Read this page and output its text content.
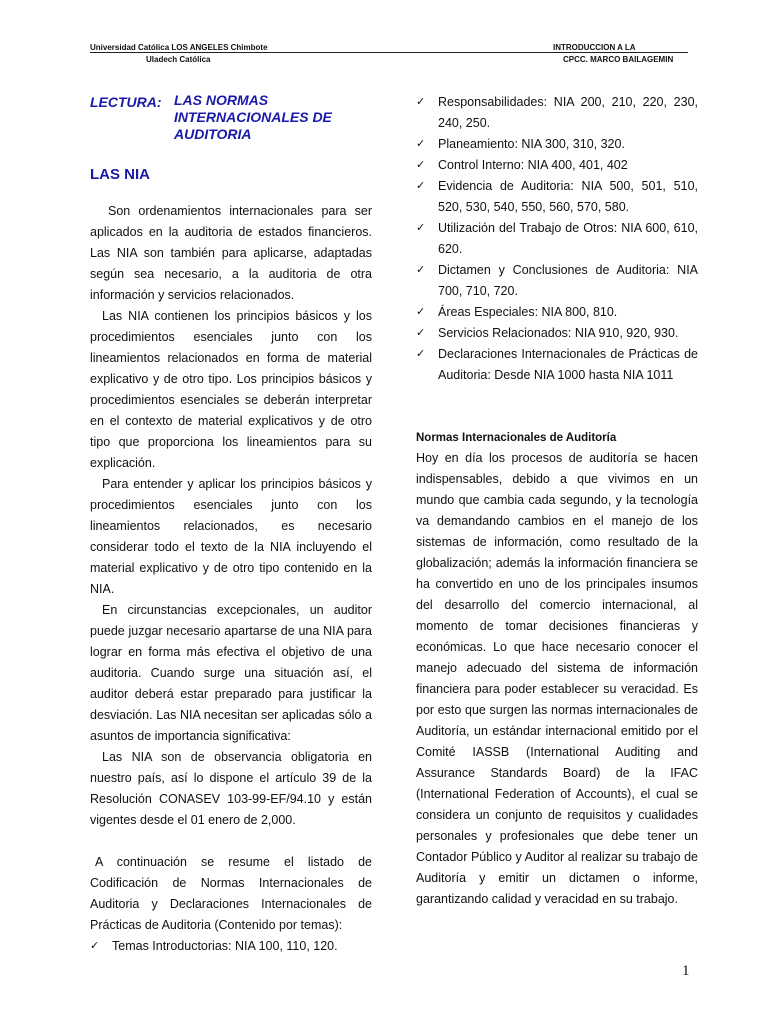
Universidad Católica LOS ANGELES Chimbote	INTRODUCCION A LA
Uladech Católica	CPCC. MARCO BAILAGEMIN
LECTURA: LAS NORMAS INTERNACIONALES DE AUDITORIA
LAS NIA

Son ordenamientos internacionales para ser aplicados en la auditoria de estados financieros. Las NIA son también para aplicarse, adaptadas según sea necesario, a la auditoria de otra información y servicios relacionados.

Las NIA contienen los principios básicos y los procedimientos esenciales junto con los lineamientos relacionados en forma de material explicativo y de otro tipo. Los principios básicos y procedimientos esenciales se deberán interpretar en el contexto de material explicativos y de otro tipo que proporciona los lineamientos para su explicación.

Para entender y aplicar los principios básicos y procedimientos esenciales junto con los lineamientos relacionados, es necesario considerar todo el texto de la NIA incluyendo el material explicativo y de otro tipo contenido en la NIA.

En circunstancias excepcionales, un auditor puede juzgar necesario apartarse de una NIA para lograr en forma más efectiva el objetivo de una auditoria. Cuando surge una situación así, el auditor deberá estar preparado para justificar la desviación. Las NIA necesitan ser aplicadas sólo a asuntos de importancia significativa:

Las NIA son de observancia obligatoria en nuestro país, así lo dispone el artículo 39 de la Resolución CONASEV 103-99-EF/94.10 y están vigentes desde el 01 enero de 2,000.

A continuación se resume el listado de Codificación de Normas Internacionales de Auditoria y Declaraciones Internacionales de Prácticas de Auditoria (Contenido por temas):

✓ Temas Introductorias: NIA 100, 110, 120.
✓ Responsabilidades: NIA 200, 210, 220, 230, 240, 250.
✓ Planeamiento: NIA 300, 310, 320.
✓ Control Interno: NIA 400, 401, 402
✓ Evidencia de Auditoria: NIA 500, 501, 510, 520, 530, 540, 550, 560, 570, 580.
✓ Utilización del Trabajo de Otros: NIA 600, 610, 620.
✓ Dictamen y Conclusiones de Auditoria: NIA 700, 710, 720.
✓ Áreas Especiales: NIA 800, 810.
✓ Servicios Relacionados: NIA 910, 920, 930.
✓ Declaraciones Internacionales de Prácticas de Auditoria: Desde NIA 1000 hasta NIA 1011
Normas Internacionales de Auditoría

Hoy en día los procesos de auditoría se hacen indispensables, debido a que vivimos en un mundo que cambia cada segundo, y la tecnología va demandando cambios en el manejo de los sistemas de información, como resultado de la globalización; además la información financiera se ha convertido en uno de los principales insumos del desarrollo del comercio internacional, al momento de tomar decisiones financieras y económicas. Lo que hace necesario conocer el manejo adecuado del sistema de información financiera para poder establecer su veracidad. Es por esto que surgen las normas internacionales de Auditoría, un estándar internacional emitido por el Comité IASSB (International Auditing and Assurance Standards Board) de la IFAC (International Federation of Accounts), el cual se considera un conjunto de requisitos y cualidades personales y profesionales que debe tener un Contador Público y Auditor al realizar su trabajo de Auditoría y emitir un dictamen o informe, garantizando calidad y veracidad en su trabajo.

1
